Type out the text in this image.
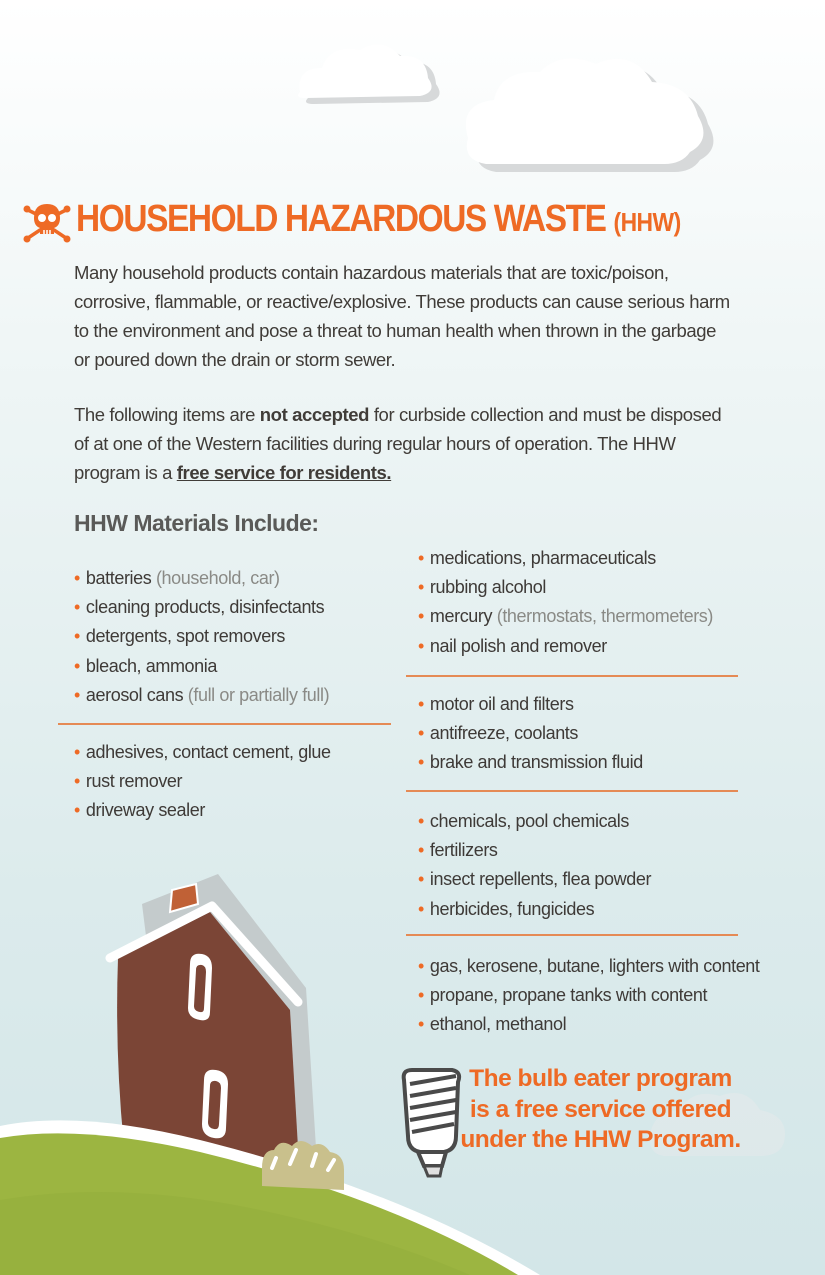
HOUSEHOLD HAZARDOUS WASTE (HHW)

Many household products contain hazardous materials that are toxic/poison, corrosive, flammable, or reactive/explosive. These products can cause serious harm to the environment and pose a threat to human health when thrown in the garbage or poured down the drain or storm sewer.

The following items are not accepted for curbside collection and must be disposed of at one of the Western facilities during regular hours of operation. The HHW program is a free service for residents.

HHW Materials Include:
• batteries (household, car)
• cleaning products, disinfectants
• detergents, spot removers
• bleach, ammonia
• aerosol cans (full or partially full)
• adhesives, contact cement, glue
• rust remover
• driveway sealer
• medications, pharmaceuticals
• rubbing alcohol
• mercury (thermostats, thermometers)
• nail polish and remover
• motor oil and filters
• antifreeze, coolants
• brake and transmission fluid
• chemicals, pool chemicals
• fertilizers
• insect repellents, flea powder
• herbicides, fungicides
• gas, kerosene, butane, lighters with content
• propane, propane tanks with content
• ethanol, methanol

The bulb eater program is a free service offered under the HHW Program.
